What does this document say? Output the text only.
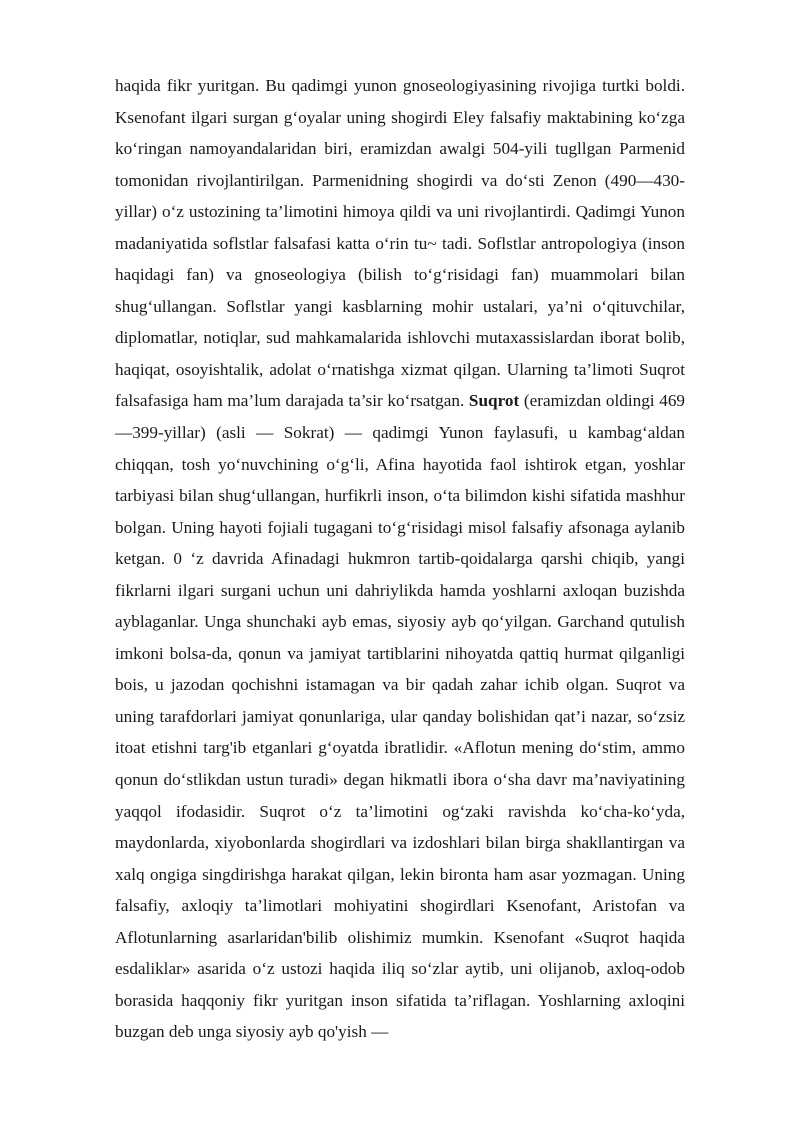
haqida fikr yuritgan. Bu qadimgi yunon gnoseologiyasining rivojiga turtki boldi. Ksenofant ilgari surgan g‘oyalar uning shogirdi Eley falsafiy maktabining ko‘zga ko‘ringan namoyandalaridan biri, eramizdan awalgi 504-yili tugllgan Parmenid tomonidan rivojlantirilgan. Parmenidning shogirdi va do‘sti Zenon (490—430-yillar) o‘z ustozining ta’limotini himoya qildi va uni rivojlantirdi. Qadimgi Yunon madaniyatida soflstlar falsafasi katta o‘rin tu~ tadi. Soflstlar antropologiya (inson haqidagi fan) va gnoseologiya (bilish to‘g‘risidagi fan) muammolari bilan shug‘ullangan. Soflstlar yangi kasblarning mohir ustalari, ya’ni o‘qituvchilar, diplomatlar, notiqlar, sud mahkamalarida ishlovchi mutaxassislardan iborat bolib, haqiqat, osoyishtalik, adolat o‘rnatishga xizmat qilgan. Ularning ta’limoti Suqrot falsafasiga ham ma’lum darajada ta’sir ko‘rsatgan. Suqrot (eramizdan oldingi 469 —399-yillar) (asli — Sokrat) — qadimgi Yunon faylasufi, u kambag‘aldan chiqqan, tosh yo‘nuvchining o‘g‘li, Afina hayotida faol ishtirok etgan, yoshlar tarbiyasi bilan shug‘ullangan, hurfikrli inson, o‘ta bilimdon kishi sifatida mashhur bolgan. Uning hayoti fojiali tugagani to‘g‘risidagi misol falsafiy afsonaga aylanib ketgan. 0 ‘z davrida Afinadagi hukmron tartib-qoidalarga qarshi chiqib, yangi fikrlarni ilgari surgani uchun uni dahriylikda hamda yoshlarni axloqan buzishda ayblaganlar. Unga shunchaki ayb emas, siyosiy ayb qo‘yilgan. Garchand qutulish imkoni bolsa-da, qonun va jamiyat tartiblarini nihoyatda qattiq hurmat qilganligi bois, u jazodan qochishni istamagan va bir qadah zahar ichib olgan. Suqrot va uning tarafdorlari jamiyat qonunlariga, ular qanday bolishidan qat’i nazar, so‘zsiz itoat etishni targ'ib etganlari g‘oyatda ibratlidir. «Aflotun mening do‘stim, ammo qonun do‘stlikdan ustun turadi» degan hikmatli ibora o‘sha davr ma’naviyatining yaqqol ifodasidir. Suqrot o‘z ta’limotini og‘zaki ravishda ko‘cha-ko‘yda, maydonlarda, xiyobonlarda shogirdlari va izdoshlari bilan birga shakllantirgan va xalq ongiga singdirishga harakat qilgan, lekin bironta ham asar yozmagan. Uning falsafiy, axloqiy ta’limotlari mohiyatini shogirdlari Ksenofant, Aristofan va Aflotunlarning asarlaridan'bilib olishimiz mumkin. Ksenofant «Suqrot haqida esdaliklar» asarida o‘z ustozi haqida iliq so‘zlar aytib, uni olijanob, axloq-odob borasida haqqoniy fikr yuritgan inson sifatida ta’riflagan. Yoshlarning axloqini buzgan deb unga siyosiy ayb qo'yish —
